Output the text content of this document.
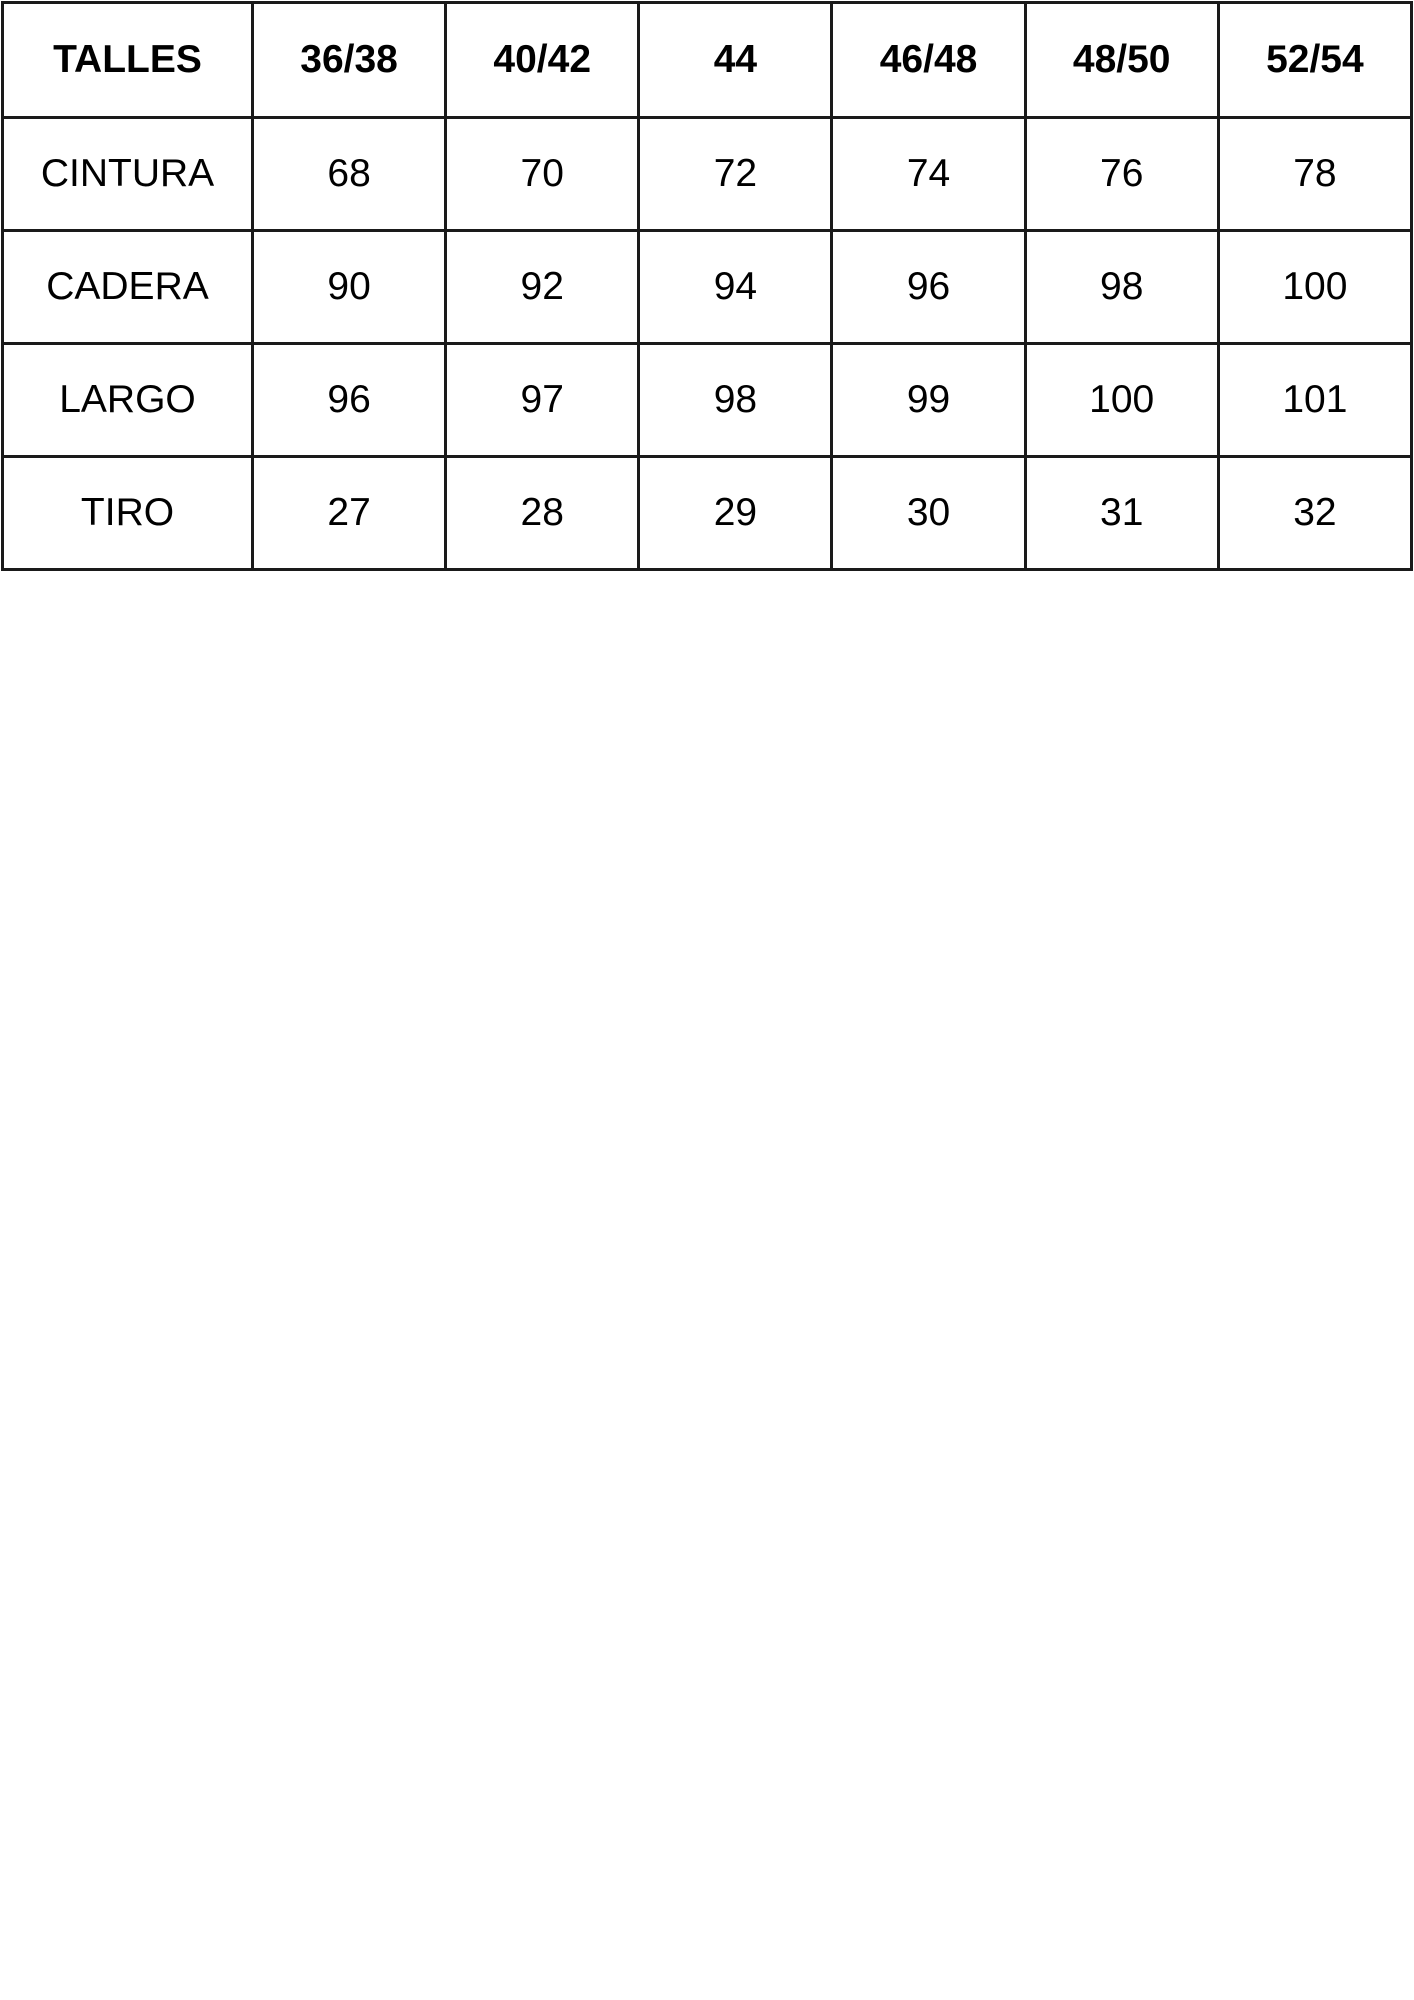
TALLES	36/38	40/42	44	46/48	48/50	52/54
CINTURA	68	70	72	74	76	78
CADERA	90	92	94	96	98	100
LARGO	96	97	98	99	100	101
TIRO	27	28	29	30	31	32
